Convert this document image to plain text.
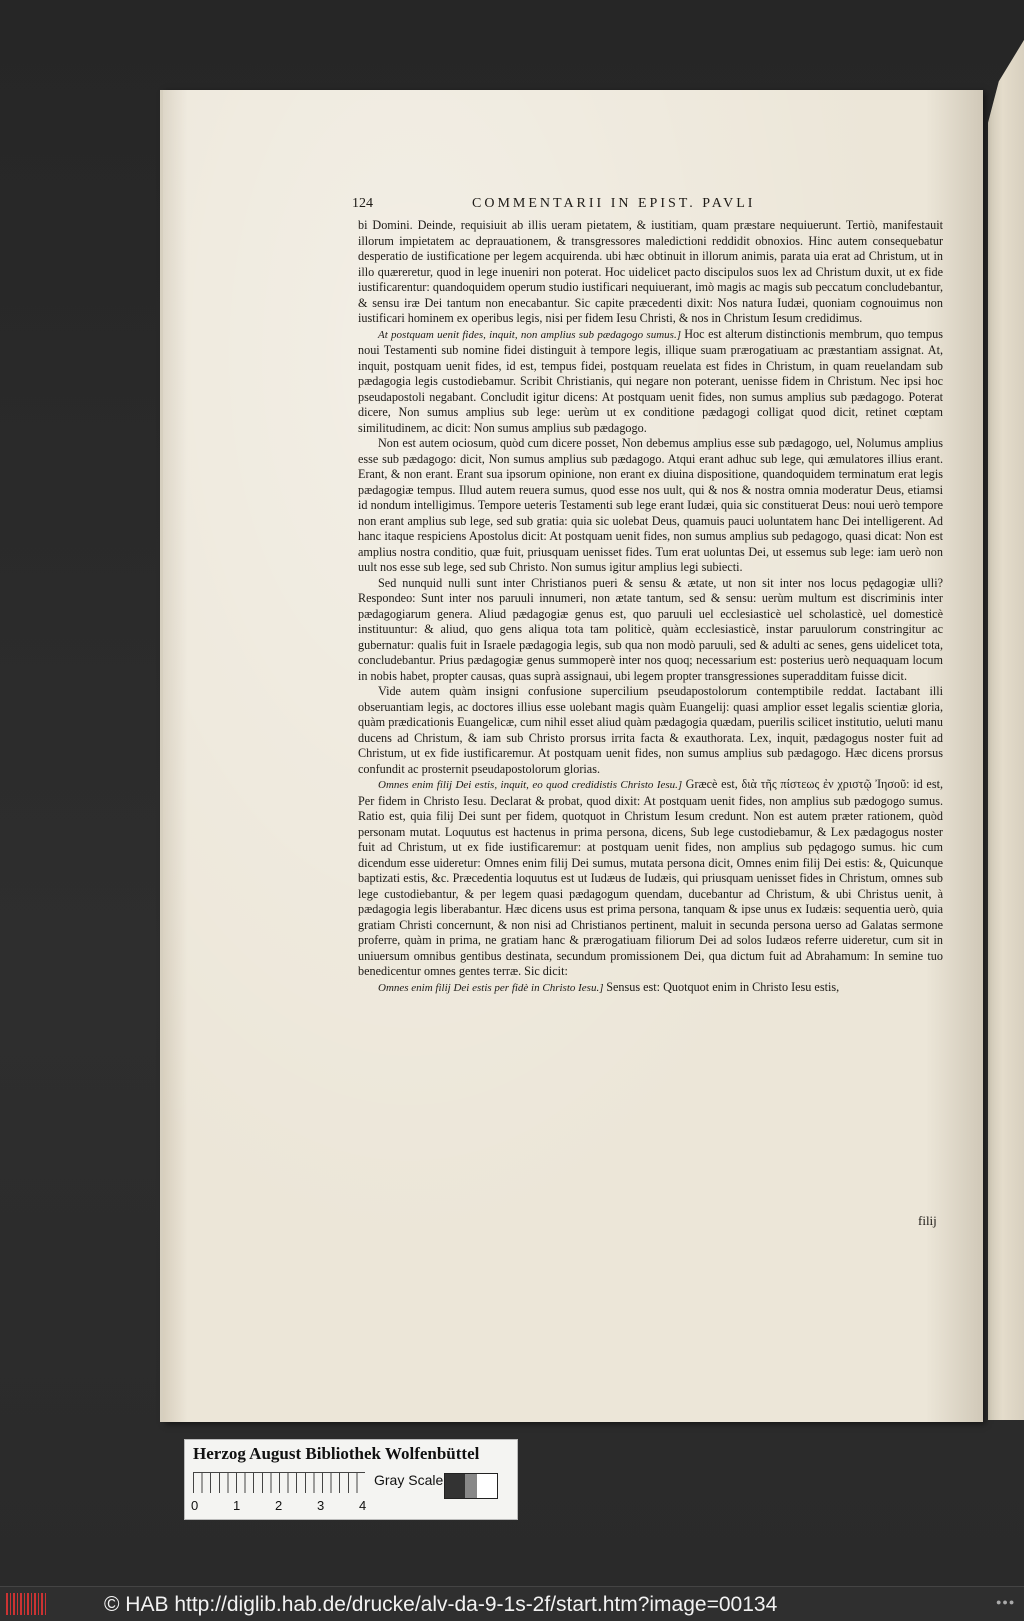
124	COMMENTARII IN EPIST. PAVLI

bi Domini. Deinde, requisiuit ab illis ueram pietatem, & iustitiam, quam præstare nequiuerunt. Tertiò, manifestauit illorum impietatem ac deprauationem, & transgressores maledictioni reddidit obnoxios. Hinc autem consequebatur desperatio de iustificatione per legem acquirenda. ubi hæc obtinuit in illorum animis, parata uia erat ad Christum, ut in illo quæreretur, quod in lege inueniri non poterat. Hoc uidelicet pacto discipulos suos lex ad Christum duxit, ut ex fide iustificarentur: quandoquidem operum studio iustificari nequiuerant, imò magis ac magis sub peccatum concludebantur, & sensu iræ Dei tantum non enecabantur. Sic capite præcedenti dixit: Nos natura Iudæi, quoniam cognouimus non iustificari hominem ex operibus legis, nisi per fidem Iesu Christi, & nos in Christum Iesum credidimus.

At postquam uenit fides, inquit, non amplius sub pædagogo sumus.] Hoc est alterum distinctionis membrum, quo tempus noui Testamenti sub nomine fidei distinguit à tempore legis, illique suam prærogatiuam ac præstantiam assignat. At, inquit, postquam uenit fides, id est, tempus fidei, postquam reuelata est fides in Christum, in quam reuelandam sub pædagogia legis custodiebamur. Scribit Christianis, qui negare non poterant, uenisse fidem in Christum. Nec ipsi hoc pseudapostoli negabant. Concludit igitur dicens: At postquam uenit fides, non sumus amplius sub pædagogo. Poterat dicere, Non sumus amplius sub lege: uerùm ut ex conditione pædagogi colligat quod dicit, retinet cœptam similitudinem, ac dicit: Non sumus amplius sub pædagogo.

Non est autem ociosum, quòd cum dicere posset, Non debemus amplius esse sub pædagogo, uel, Nolumus amplius esse sub pædagogo: dicit, Non sumus amplius sub pædagogo. Atqui erant adhuc sub lege, qui æmulatores illius erant. Erant, & non erant. Erant sua ipsorum opinione, non erant ex diuina dispositione, quandoquidem terminatum erat legis pædagogiæ tempus. Illud autem reuera sumus, quod esse nos uult, qui & nos & nostra omnia moderatur Deus, etiamsi id nondum intelligimus. Tempore ueteris Testamenti sub lege erant Iudæi, quia sic constituerat Deus: noui uerò tempore non erant amplius sub lege, sed sub gratia: quia sic uolebat Deus, quamuis pauci uoluntatem hanc Dei intelligerent. Ad hanc itaque respiciens Apostolus dicit: At postquam uenit fides, non sumus amplius sub pedagogo, quasi dicat: Non est amplius nostra conditio, quæ fuit, priusquam uenisset fides. Tum erat uoluntas Dei, ut essemus sub lege: iam uerò non uult nos esse sub lege, sed sub Christo. Non sumus igitur amplius legi subiecti.

Sed nunquid nulli sunt inter Christianos pueri & sensu & ætate, ut non sit inter nos locus pędagogiæ ulli? Respondeo: Sunt inter nos paruuli innumeri, non ætate tantum, sed & sensu: uerùm multum est discriminis inter pædagogiarum genera. Aliud pædagogiæ genus est, quo paruuli uel ecclesiasticè uel scholasticè, uel domesticè instituuntur: & aliud, quo gens aliqua tota tam politicè, quàm ecclesiasticè, instar paruulorum constringitur ac gubernatur: qualis fuit in Israele pædagogia legis, sub qua non modò paruuli, sed & adulti ac senes, gens uidelicet tota, concludebantur. Prius pædagogiæ genus summoperè inter nos quoq; necessarium est: posterius uerò nequaquam locum in nobis habet, propter causas, quas suprà assignaui, ubi legem propter transgressiones superadditam fuisse dicit.

Vide autem quàm insigni confusione supercilium pseudapostolorum contemptibile reddat. Iactabant illi obseruantiam legis, ac doctores illius esse uolebant magis quàm Euangelij: quasi amplior esset legalis scientiæ gloria, quàm prædicationis Euangelicæ, cum nihil esset aliud quàm pædagogia quædam, puerilis scilicet institutio, ueluti manu ducens ad Christum, & iam sub Christo prorsus irrita facta & exauthorata. Lex, inquit, pædagogus noster fuit ad Christum, ut ex fide iustificaremur. At postquam uenit fides, non sumus amplius sub pædagogo. Hæc dicens prorsus confundit ac prosternit pseudapostolorum glorias.

Omnes enim filij Dei estis, inquit, eo quod credidistis Christo Iesu.] Græcè est, διὰ τῆς πίστεως ἐν χριστῷ Ἰησοῦ: id est, Per fidem in Christo Iesu. Declarat & probat, quod dixit: At postquam uenit fides, non amplius sub pædogogo sumus. Ratio est, quia filij Dei sunt per fidem, quotquot in Christum Iesum credunt. Non est autem præter rationem, quòd personam mutat. Loquutus est hactenus in prima persona, dicens, Sub lege custodiebamur, & Lex pædagogus noster fuit ad Christum, ut ex fide iustificaremur: at postquam uenit fides, non amplius sub pędagogo sumus. hic cum dicendum esse uideretur: Omnes enim filij Dei sumus, mutata persona dicit, Omnes enim filij Dei estis: &, Quicunque baptizati estis, &c. Præcedentia loquutus est ut Iudæus de Iudæis, qui priusquam uenisset fides in Christum, omnes sub lege custodiebantur, & per legem quasi pædagogum quendam, ducebantur ad Christum, & ubi Christus uenit, à pædagogia legis liberabantur. Hæc dicens usus est prima persona, tanquam & ipse unus ex Iudæis: sequentia uerò, quia gratiam Christi concernunt, & non nisi ad Christianos pertinent, maluit in secunda persona uerso ad Galatas sermone proferre, quàm in prima, ne gratiam hanc & prærogatiuam filiorum Dei ad solos Iudæos referre uideretur, cum sit in uniuersum omnibus gentibus destinata, secundum promissionem Dei, qua dictum fuit ad Abrahamum: In semine tuo benedicentur omnes gentes terræ. Sic dicit:

Omnes enim filij Dei estis per fidè in Christo Iesu.] Sensus est: Quotquot enim in Christo Iesu estis,

filij
Herzog August Bibliothek Wolfenbüttel
0	1	2	3	4
Gray Scale
© HAB http://diglib.hab.de/drucke/alv-da-9-1s-2f/start.htm?image=00134	●●●
